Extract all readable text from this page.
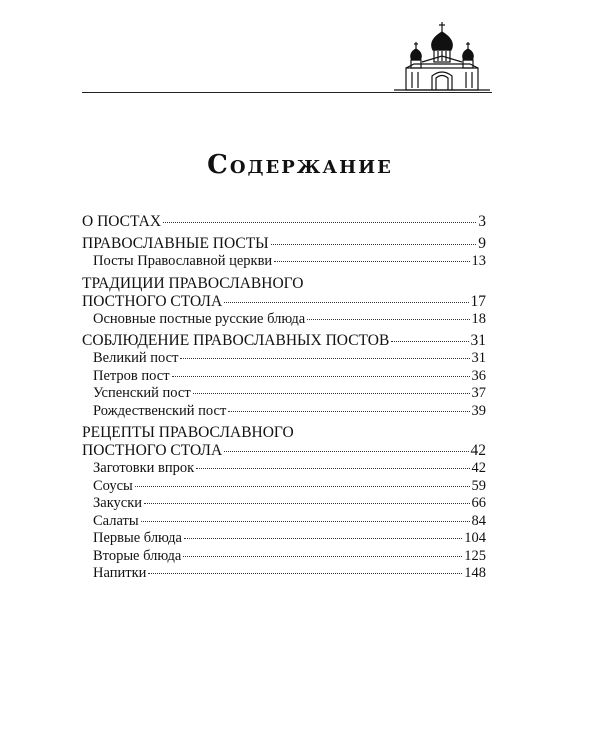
Содержание
О ПОСТАХ	3
ПРАВОСЛАВНЫЕ ПОСТЫ	9
Посты Православной церкви	13
ТРАДИЦИИ ПРАВОСЛАВНОГО
ПОСТНОГО СТОЛА	17
Основные постные русские блюда	18
СОБЛЮДЕНИЕ ПРАВОСЛАВНЫХ ПОСТОВ	31
Великий пост	31
Петров пост	36
Успенский пост	37
Рождественский пост	39
РЕЦЕПТЫ ПРАВОСЛАВНОГО
ПОСТНОГО СТОЛА	42
Заготовки впрок	42
Соусы	59
Закуски	66
Салаты	84
Первые блюда	104
Вторые блюда	125
Напитки	148
